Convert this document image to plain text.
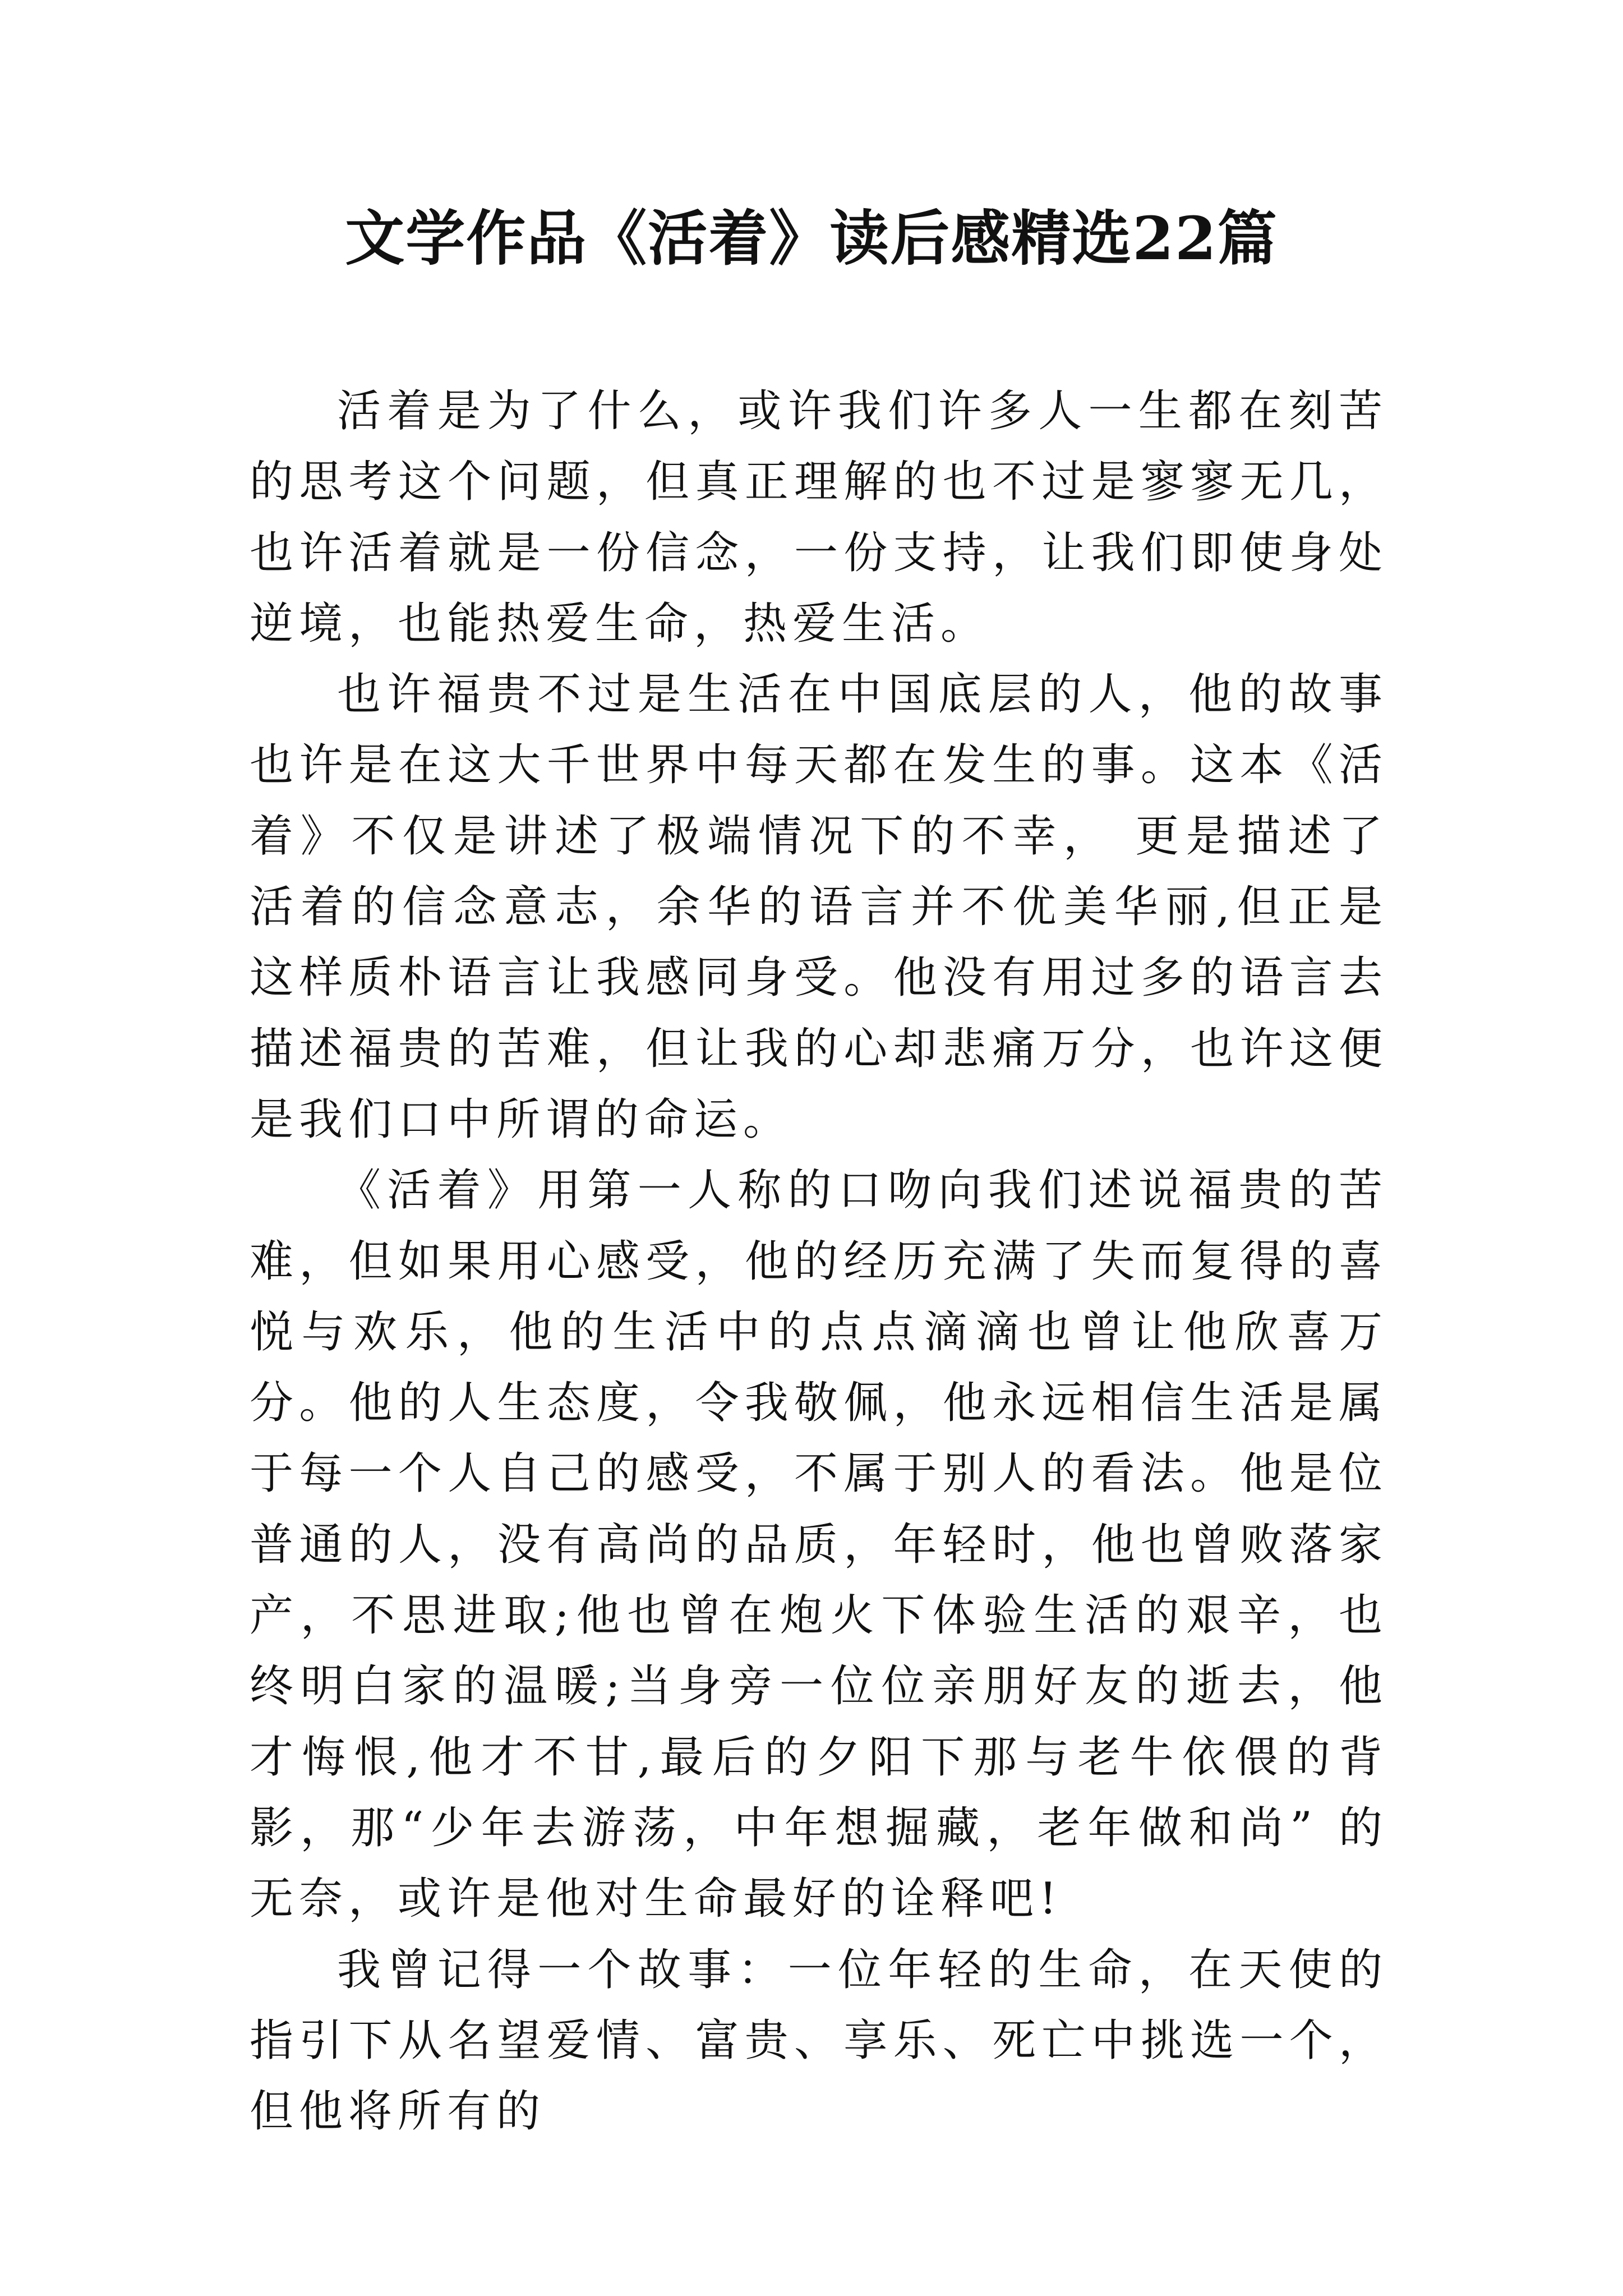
文学作品《活着》读后感精选22篇

活着是为了什么，或许我们许多人一生都在刻苦的思考这个问题，但真正理解的也不过是寥寥无几，也许活着就是一份信念，一份支持，让我们即使身处逆境，也能热爱生命，热爱生活。

也许福贵不过是生活在中国底层的人，他的故事也许是在这大千世界中每天都在发生的事。这本《活着》不仅是讲述了极端情况下的不幸， 更是描述了活着的信念意志，余华的语言并不优美华丽,但正是这样质朴语言让我感同身受。他没有用过多的语言去描述福贵的苦难，但让我的心却悲痛万分，也许这便是我们口中所谓的命运。

《活着》用第一人称的口吻向我们述说福贵的苦难，但如果用心感受，他的经历充满了失而复得的喜悦与欢乐，他的生活中的点点滴滴也曾让他欣喜万分。他的人生态度，令我敬佩，他永远相信生活是属于每一个人自己的感受，不属于别人的看法。他是位普通的人，没有高尚的品质，年轻时，他也曾败落家产，不思进取;他也曾在炮火下体验生活的艰辛，也终明白家的温暖;当身旁一位位亲朋好友的逝去，他才悔恨,他才不甘,最后的夕阳下那与老牛依偎的背影，那“少年去游荡，中年想掘藏，老年做和尚” 的无奈，或许是他对生命最好的诠释吧!

我曾记得一个故事：一位年轻的生命，在天使的指引下从名望爱情、富贵、享乐、死亡中挑选一个，但他将所有的
